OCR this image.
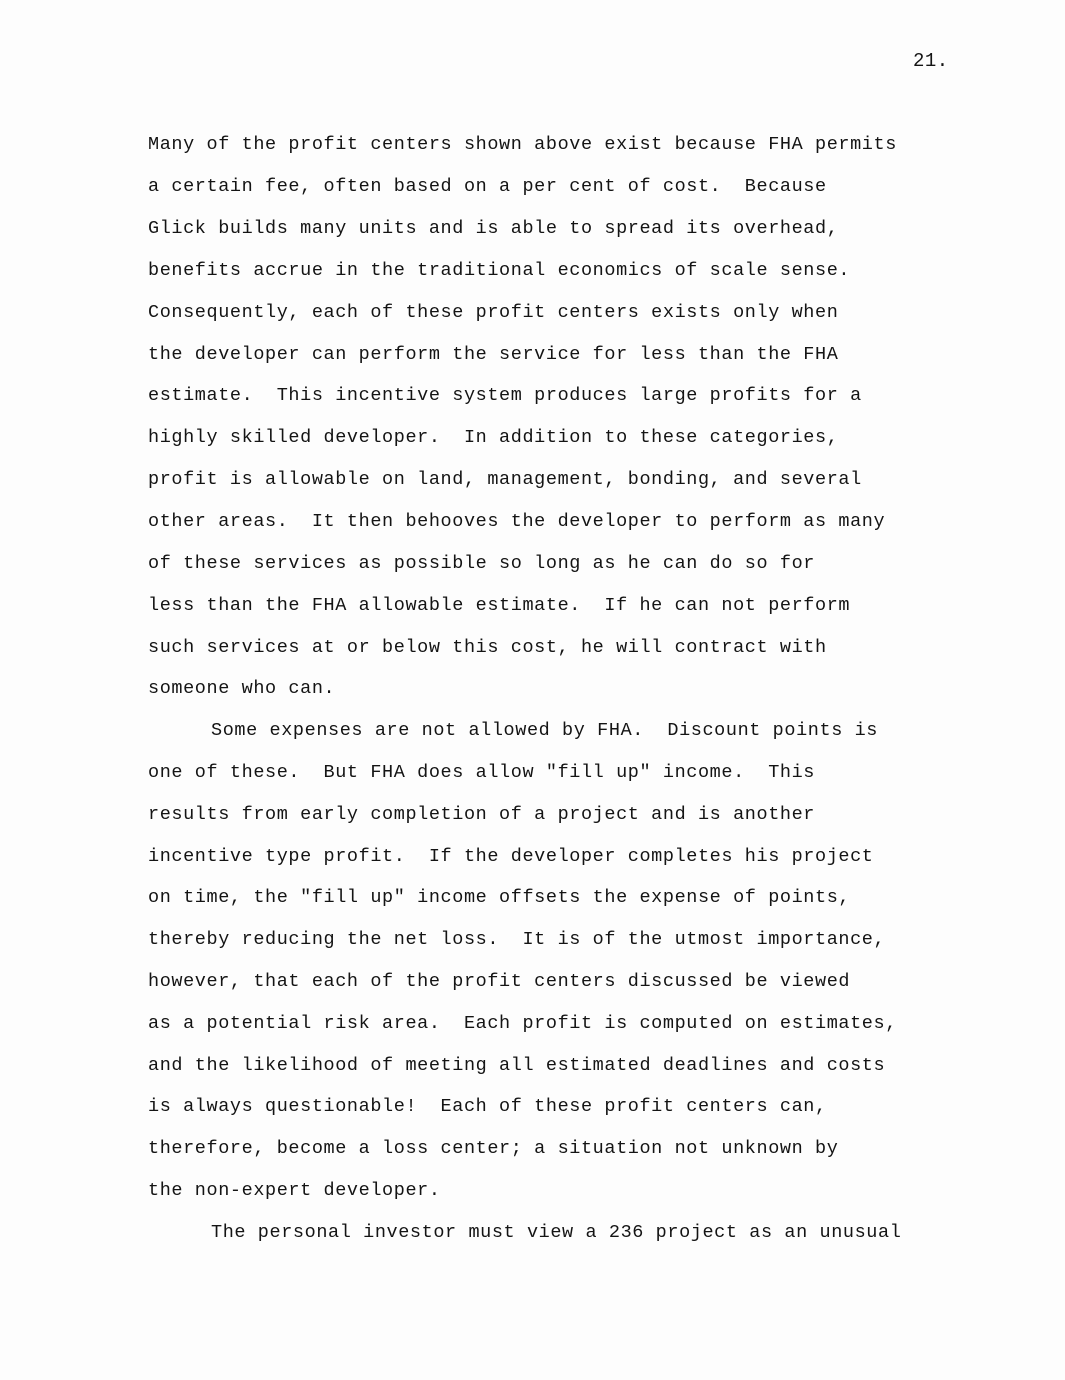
21.
Many of the profit centers shown above exist because FHA permits
a certain fee, often based on a per cent of cost.  Because
Glick builds many units and is able to spread its overhead,
benefits accrue in the traditional economics of scale sense.
Consequently, each of these profit centers exists only when
the developer can perform the service for less than the FHA
estimate.  This incentive system produces large profits for a
highly skilled developer.  In addition to these categories,
profit is allowable on land, management, bonding, and several
other areas.  It then behooves the developer to perform as many
of these services as possible so long as he can do so for
less than the FHA allowable estimate.  If he can not perform
such services at or below this cost, he will contract with
someone who can.
Some expenses are not allowed by FHA.  Discount points is
one of these.  But FHA does allow "fill up" income.  This
results from early completion of a project and is another
incentive type profit.  If the developer completes his project
on time, the "fill up" income offsets the expense of points,
thereby reducing the net loss.  It is of the utmost importance,
however, that each of the profit centers discussed be viewed
as a potential risk area.  Each profit is computed on estimates,
and the likelihood of meeting all estimated deadlines and costs
is always questionable!  Each of these profit centers can,
therefore, become a loss center; a situation not unknown by
the non-expert developer.
The personal investor must view a 236 project as an unusual
